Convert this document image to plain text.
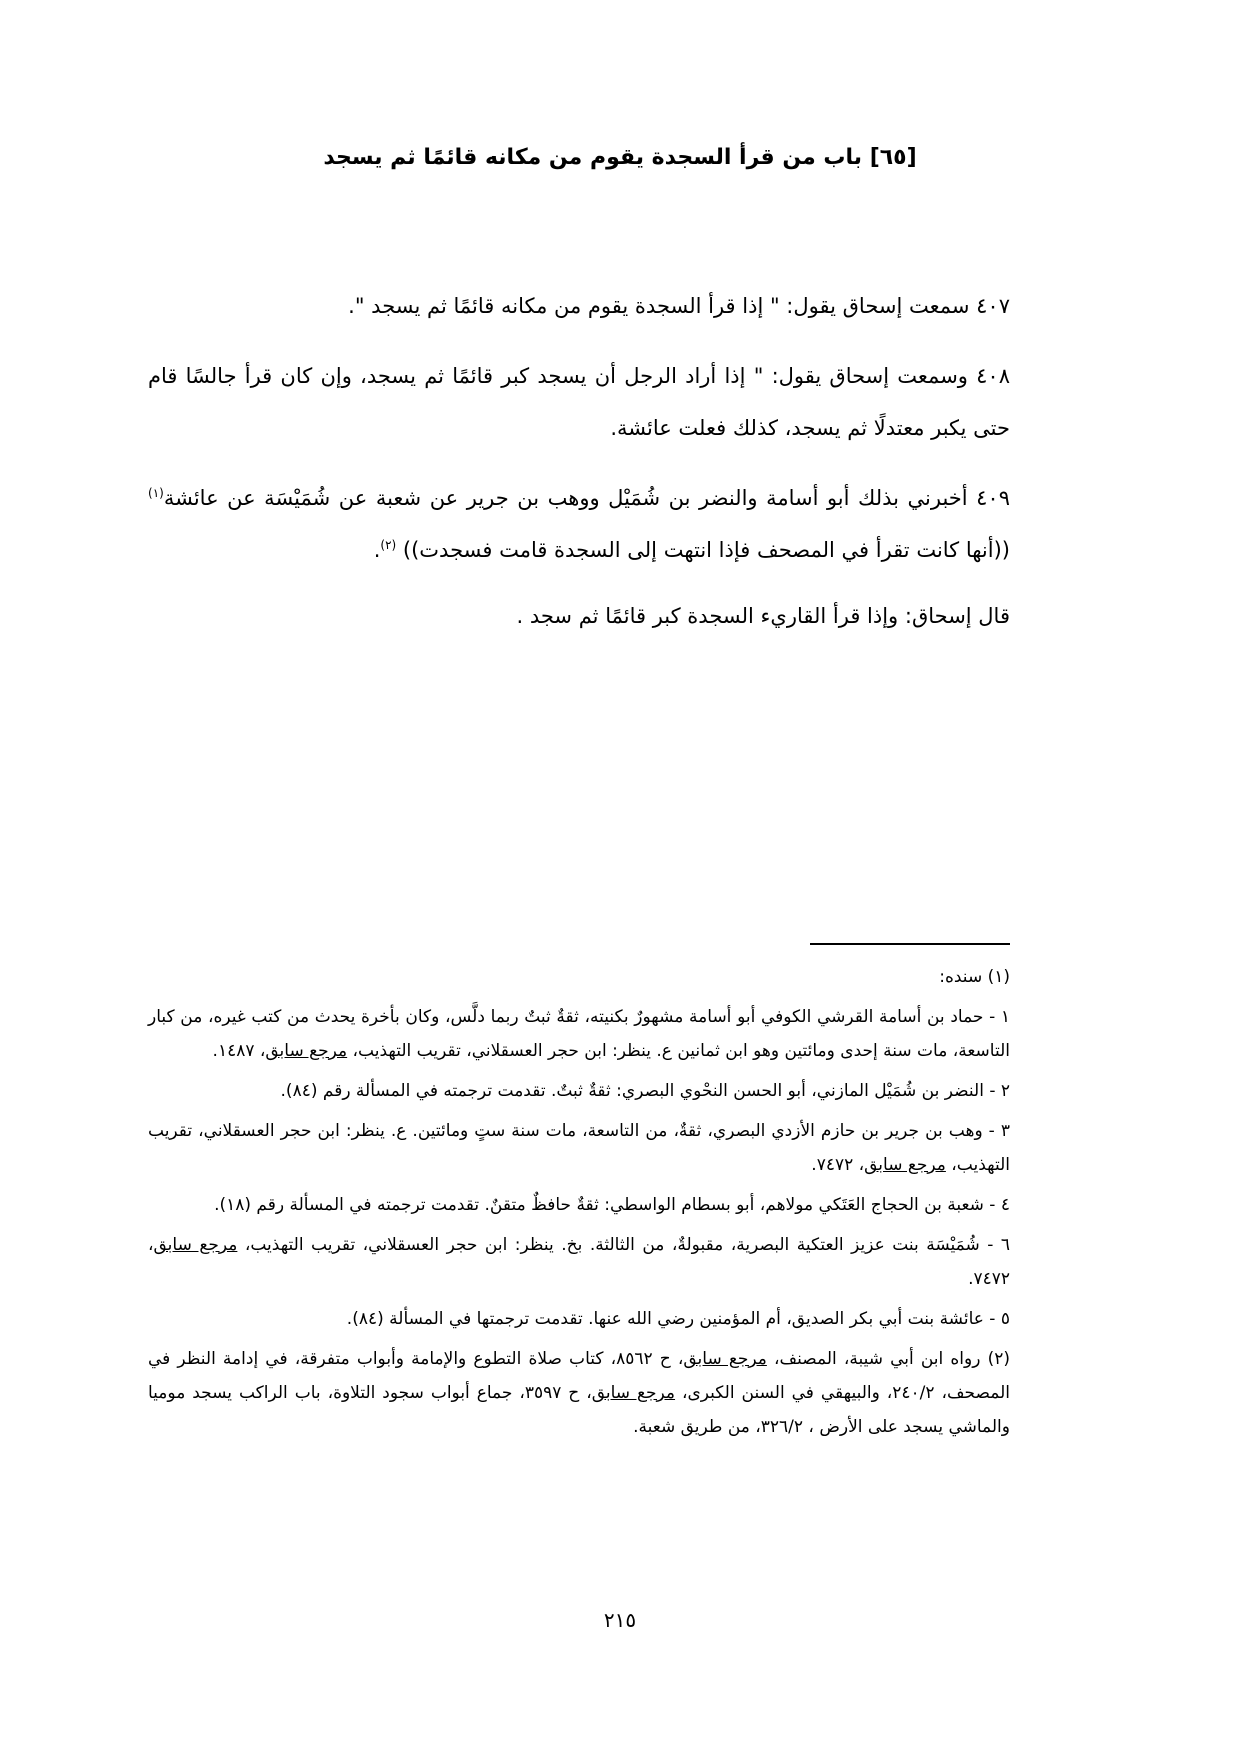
[٦٥] باب من قرأ السجدة يقوم من مكانه قائمًا ثم يسجد

٤٠٧ سمعت إسحاق يقول: " إذا قرأ السجدة يقوم من مكانه قائمًا ثم يسجد ".

٤٠٨ وسمعت إسحاق يقول: " إذا أراد الرجل أن يسجد كبر قائمًا ثم يسجد، وإن كان قرأ جالسًا قام حتى يكبر معتدلًا ثم يسجد، كذلك فعلت عائشة.

٤٠٩ أخبرني بذلك أبو أسامة والنضر بن شُمَيْل ووهب بن جرير عن شعبة عن شُمَيْسَة عن عائشة$^{(١)}$ ((أنها كانت تقرأ في المصحف فإذا انتهت إلى السجدة قامت فسجدت)) $^{(٢)}$.

قال إسحاق: وإذا قرأ القاريء السجدة كبر قائمًا ثم سجد .

(١) سنده:

١ - حماد بن أسامة القرشي الكوفي أبو أسامة مشهورٌ بكنيته، ثقةٌ ثبتٌ ربما دلَّس، وكان بأخرة يحدث من كتب غيره، من كبار التاسعة، مات سنة إحدى ومائتين وهو ابن ثمانين ع. ينظر: ابن حجر العسقلاني، تقريب التهذيب، مرجع سابق، ١٤٨٧.

٢ - النضر بن شُمَيْل المازني، أبو الحسن النحْوي البصري: ثقةٌ ثبتٌ. تقدمت ترجمته في المسألة رقم (٨٤).

٣ - وهب بن جرير بن حازم الأزدي البصري، ثقةٌ، من التاسعة، مات سنة ستٍ ومائتين. ع. ينظر: ابن حجر العسقلاني، تقريب التهذيب، مرجع سابق، ٧٤٧٢.

٤ - شعبة بن الحجاج العَتَكي مولاهم، أبو بسطام الواسطي: ثقةٌ حافظٌ متقنٌ. تقدمت ترجمته في المسألة رقم (١٨).

٦ - شُمَيْسَة بنت عزيز العتكية البصرية، مقبولةٌ، من الثالثة. بخ. ينظر: ابن حجر العسقلاني، تقريب التهذيب، مرجع سابق، ٧٤٧٢.

٥ - عائشة بنت أبي بكر الصديق، أم المؤمنين رضي الله عنها. تقدمت ترجمتها في المسألة (٨٤).

(٢) رواه ابن أبي شيبة، المصنف، مرجع سابق، ح ٨٥٦٢، كتاب صلاة التطوع والإمامة وأبواب متفرقة، في إدامة النظر في المصحف، ٢٤٠/٢، والبيهقي في السنن الكبرى، مرجع سابق، ح ٣٥٩٧، جماع أبواب سجود التلاوة، باب الراكب يسجد موميا والماشي يسجد على الأرض ، ٣٢٦/٢، من طريق شعبة.

٢١٥
